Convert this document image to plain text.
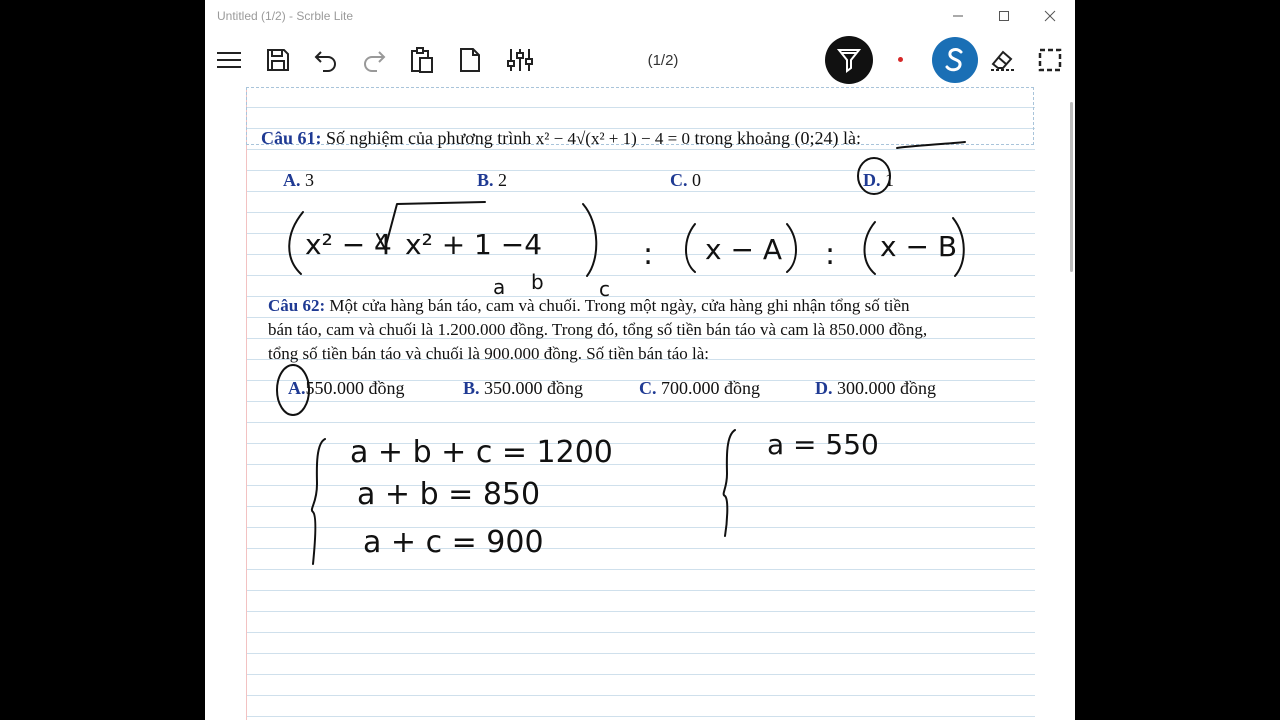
Untitled (1/2) - Scrble Lite
(1/2)
Câu 61: Số nghiệm của phương trình x² − 4√(x² + 1) − 4 = 0 trong khoảng (0;24) là:
A. 3	B. 2	C. 0	D. 1
Câu 62: Một cửa hàng bán táo, cam và chuối. Trong một ngày, cửa hàng ghi nhận tổng số tiền
bán táo, cam và chuối là 1.200.000 đồng. Trong đó, tổng số tiền bán táo và cam là 850.000 đồng,
tổng số tiền bán táo và chuối là 900.000 đồng. Số tiền bán táo là:
A.550.000 đồng	B. 350.000 đồng	C. 700.000 đồng	D. 300.000 đồng
x² − 4 x² + 1 −4	: x − A : x − B
a b	c
a + b + c = 1200
a + b = 850
a + c = 900
a = 550
